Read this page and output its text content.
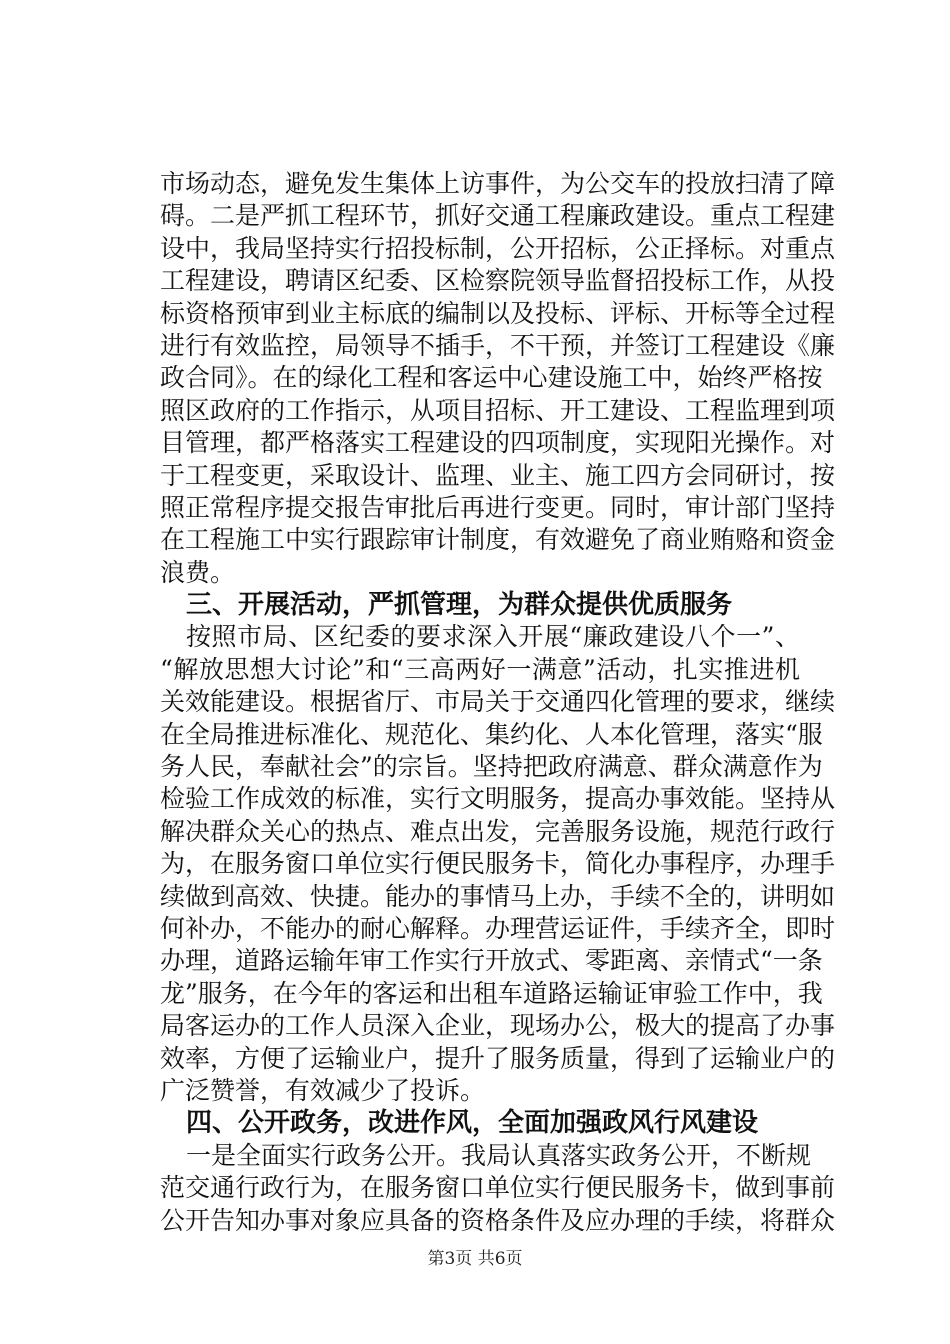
市场动态，避免发生集体上访事件，为公交车的投放扫清了障
碍。二是严抓工程环节，抓好交通工程廉政建设。重点工程建
设中，我局坚持实行招投标制，公开招标，公正择标。对重点
工程建设，聘请区纪委、区检察院领导监督招投标工作，从投
标资格预审到业主标底的编制以及投标、评标、开标等全过程
进行有效监控，局领导不插手，不干预，并签订工程建设《廉
政合同》。在的绿化工程和客运中心建设施工中，始终严格按
照区政府的工作指示，从项目招标、开工建设、工程监理到项
目管理，都严格落实工程建设的四项制度，实现阳光操作。对
于工程变更，采取设计、监理、业主、施工四方会同研讨，按
照正常程序提交报告审批后再进行变更。同时，审计部门坚持
在工程施工中实行跟踪审计制度，有效避免了商业贿赂和资金
浪费。
三、开展活动，严抓管理，为群众提供优质服务
按照市局、区纪委的要求深入开展“廉政建设八个一”、
“解放思想大讨论”和“三高两好一满意”活动，扎实推进机
关效能建设。根据省厅、市局关于交通四化管理的要求，继续
在全局推进标准化、规范化、集约化、人本化管理，落实“服
务人民，奉献社会”的宗旨。坚持把政府满意、群众满意作为
检验工作成效的标准，实行文明服务，提高办事效能。坚持从
解决群众关心的热点、难点出发，完善服务设施，规范行政行
为，在服务窗口单位实行便民服务卡，简化办事程序，办理手
续做到高效、快捷。能办的事情马上办，手续不全的，讲明如
何补办，不能办的耐心解释。办理营运证件，手续齐全，即时
办理，道路运输年审工作实行开放式、零距离、亲情式“一条
龙”服务，在今年的客运和出租车道路运输证审验工作中，我
局客运办的工作人员深入企业，现场办公，极大的提高了办事
效率，方便了运输业户，提升了服务质量，得到了运输业户的
广泛赞誉，有效减少了投诉。
四、公开政务，改进作风，全面加强政风行风建设
一是全面实行政务公开。我局认真落实政务公开，不断规
范交通行政行为，在服务窗口单位实行便民服务卡，做到事前
公开告知办事对象应具备的资格条件及应办理的手续，将群众
第3页 共6页
